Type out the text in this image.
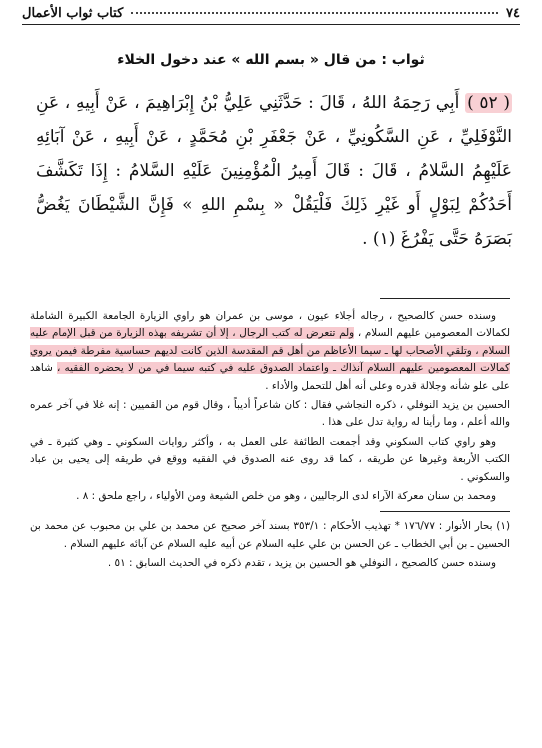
٧٤
كتاب ثواب الأعمال
ثواب : من قال « بسم الله » عند دخول الخلاء

( ٥٢ ) أَبِي رَحِمَهُ اللهُ ، قَالَ : حَدَّثَنِي عَلِيُّ بْنُ إِبْرَاهِيمَ ، عَنْ أَبِيهِ ، عَنِ النَّوْفَلِيِّ ، عَنِ السَّكُونِيِّ ، عَنْ جَعْفَرِ بْنِ مُحَمَّدٍ ، عَنْ أَبِيهِ ، عَنْ آبَائِهِ عَلَيْهِمُ السَّلامُ ، قَالَ : قَالَ أَمِيرُ الْمُؤْمِنِينَ عَلَيْهِ السَّلامُ : إِذَا تَكَشَّفَ أَحَدُكُمْ لِبَوْلٍ أَو غَيْرِ ذَلِكَ فَلْيَقُلْ « بِسْمِ اللهِ » فَإِنَّ الشَّيْطَانَ يَغُضُّ بَصَرَهُ حَتَّى يَفْرُغَ (١) .

وسنده حسن كالصحيح ، رجاله أجلاء عيون ، موسى بن عمران هو راوي الزيارة الجامعة الكبيرة الشاملة لكمالات المعصومين عليهم السلام ، ولم تتعرض له كتب الرجال ، إلا أن تشريفه بهذه الزيارة من قبل الإمام عليه السلام ، وتلقي الأصحاب لها ـ سيما الأعاظم من أهل قم المقدسة الذين كانت لديهم حساسية مفرطة فيمن يروي كمالات المعصومين عليهم السلام آنذاك ـ واعتماد الصدوق عليه في كتبه سيما في من لا يحضره الفقيه ، شاهد على علو شأنه وجلالة قدره وعلى أنه أهل للتحمل والأداء .

الحسين بن يزيد النوفلي ، ذكره النجاشي فقال : كان شاعراً أديباً ، وقال قوم من القميين : إنه غلا في آخر عمره والله أعلم ، وما رأينا له رواية تدل على هذا .

وهو راوي كتاب السكوني وقد أجمعت الطائفة على العمل به ، وأكثر روايات السكوني ـ وهي كثيرة ـ في الكتب الأربعة وغيرها عن طريقه ، كما قد روى عنه الصدوق في الفقيه ووقع في طريقه إلى يحيى بن عباد والسكوني .

ومحمد بن سنان معركة الآراء لدى الرجاليين ، وهو من خلص الشيعة ومن الأولياء ، راجع ملحق : ٨ .

(١) بحار الأنوار : ١٧٦/٧٧ * تهذيب الأحكام : ٣٥٣/١ بسند آخر صحيح عن محمد بن علي بن محبوب عن محمد بن الحسين ـ بن أبي الخطاب ـ عن الحسن بن علي عليه السلام عن أبيه عليه السلام عن آبائه عليهم السلام .

وسنده حسن كالصحيح ، النوفلي هو الحسين بن يزيد ، تقدم ذكره في الحديث السابق : ٥١ .
